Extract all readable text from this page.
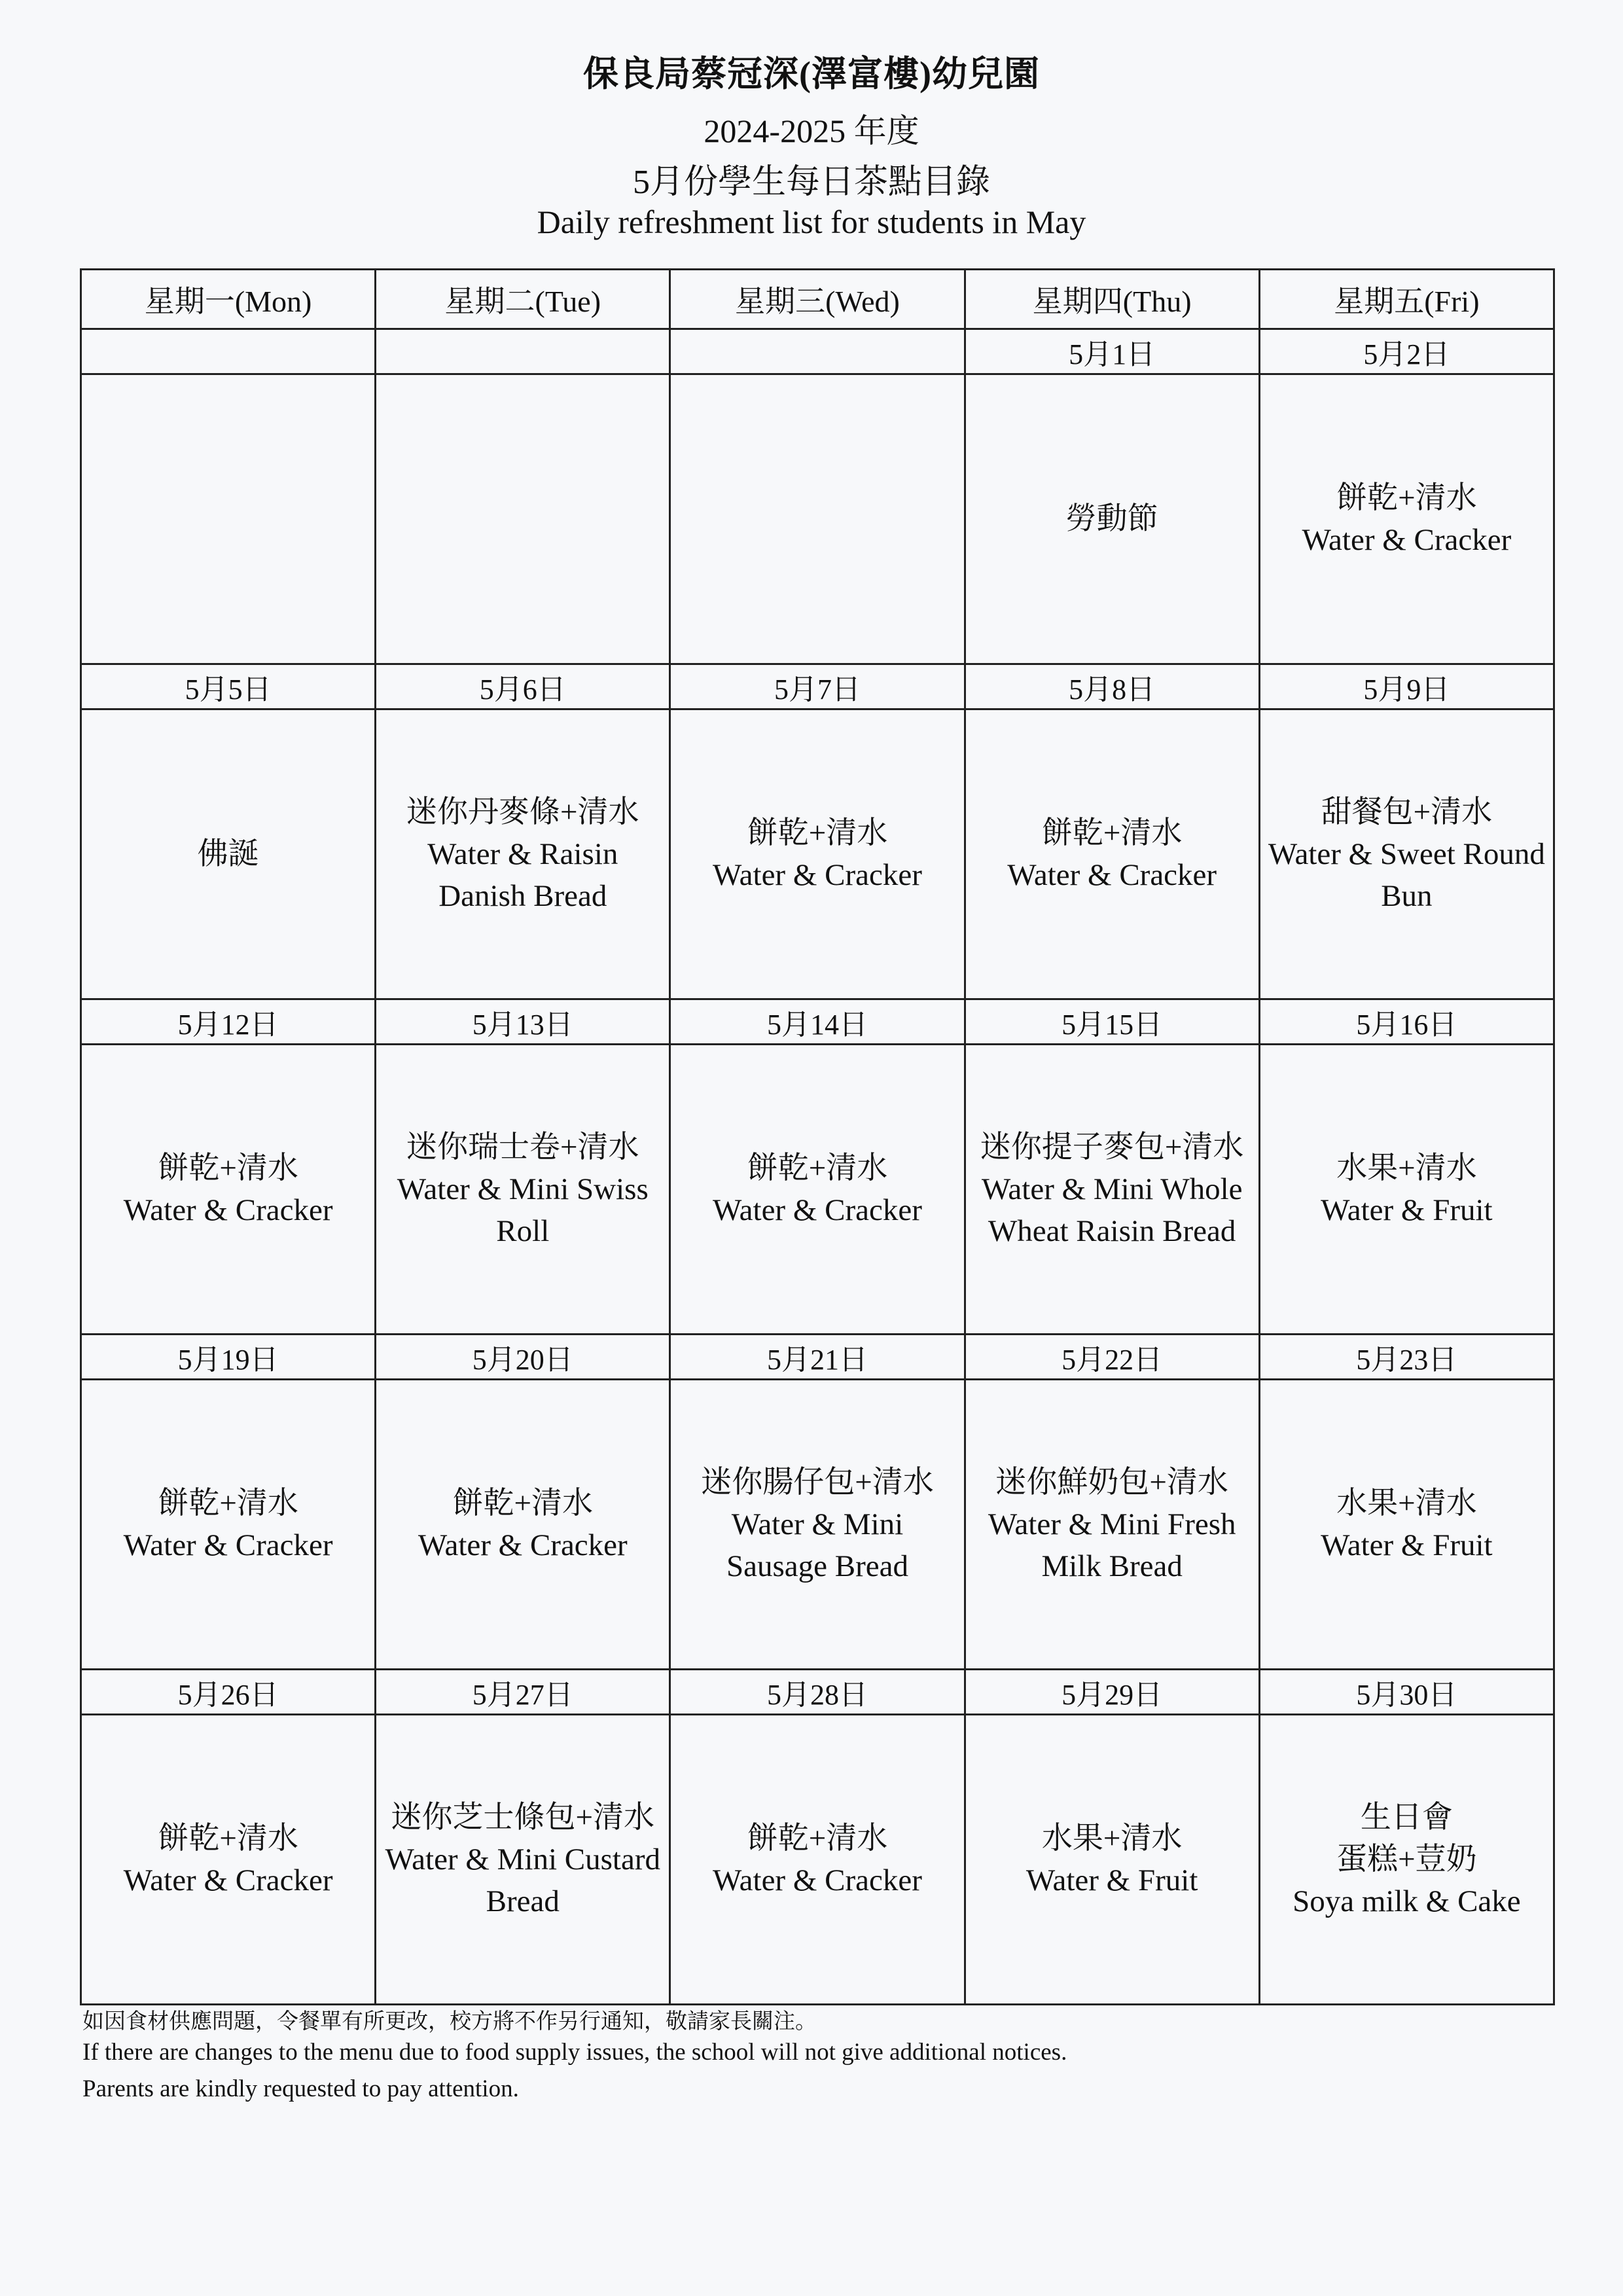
保良局蔡冠深(澤富樓)幼兒園
2024-2025 年度
5月份學生每日茶點目錄
Daily refreshment list for students in May
星期一(Mon)	星期二(Tue)	星期三(Wed)	星期四(Thu)	星期五(Fri)
			5月1日	5月2日

			勞動節	餅乾+清水
Water & Cracker

5月5日	5月6日	5月7日	5月8日	5月9日

佛誕	迷你丹麥條+清水
Water & Raisin
Danish Bread	餅乾+清水
Water & Cracker	餅乾+清水
Water & Cracker	甜餐包+清水
Water & Sweet Round
Bun

5月12日	5月13日	5月14日	5月15日	5月16日

餅乾+清水
Water & Cracker	迷你瑞士卷+清水
Water & Mini Swiss
Roll	餅乾+清水
Water & Cracker	迷你提子麥包+清水
Water & Mini Whole
Wheat Raisin Bread	水果+清水
Water & Fruit

5月19日	5月20日	5月21日	5月22日	5月23日

餅乾+清水
Water & Cracker	餅乾+清水
Water & Cracker	迷你腸仔包+清水
Water & Mini
Sausage Bread	迷你鮮奶包+清水
Water & Mini Fresh
Milk Bread	水果+清水
Water & Fruit

5月26日	5月27日	5月28日	5月29日	5月30日

餅乾+清水
Water & Cracker	迷你芝士條包+清水
Water & Mini Custard
Bread	餅乾+清水
Water & Cracker	水果+清水
Water & Fruit	生日會
蛋糕+荳奶
Soya milk & Cake
如因食材供應問題，令餐單有所更改，校方將不作另行通知，敬請家長關注。
If there are changes to the menu due to food supply issues, the school will not give additional notices.
Parents are kindly requested to pay attention.
